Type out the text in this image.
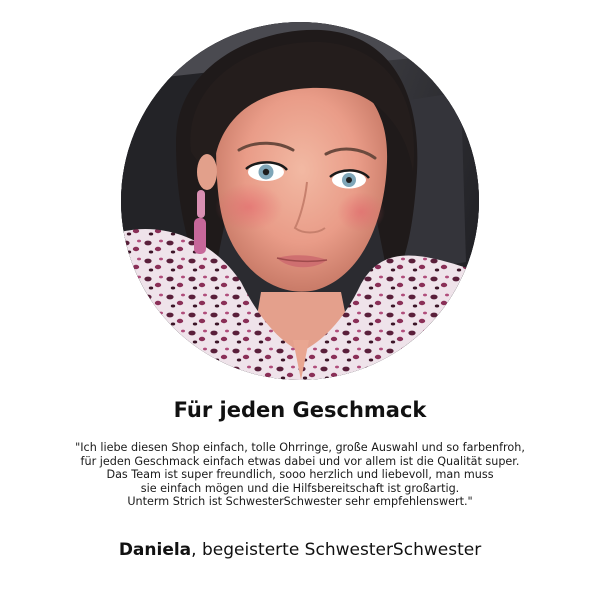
Für jeden Geschmack
"Ich liebe diesen Shop einfach, tolle Ohrringe, große Auswahl und so farbenfroh,
für jeden Geschmack einfach etwas dabei und vor allem ist die Qualität super.
Das Team ist super freundlich, sooo herzlich und liebevoll, man muss
sie einfach mögen und die Hilfsbereitschaft ist großartig.
Unterm Strich ist SchwesterSchwester sehr empfehlenswert."
Daniela, begeisterte SchwesterSchwester
